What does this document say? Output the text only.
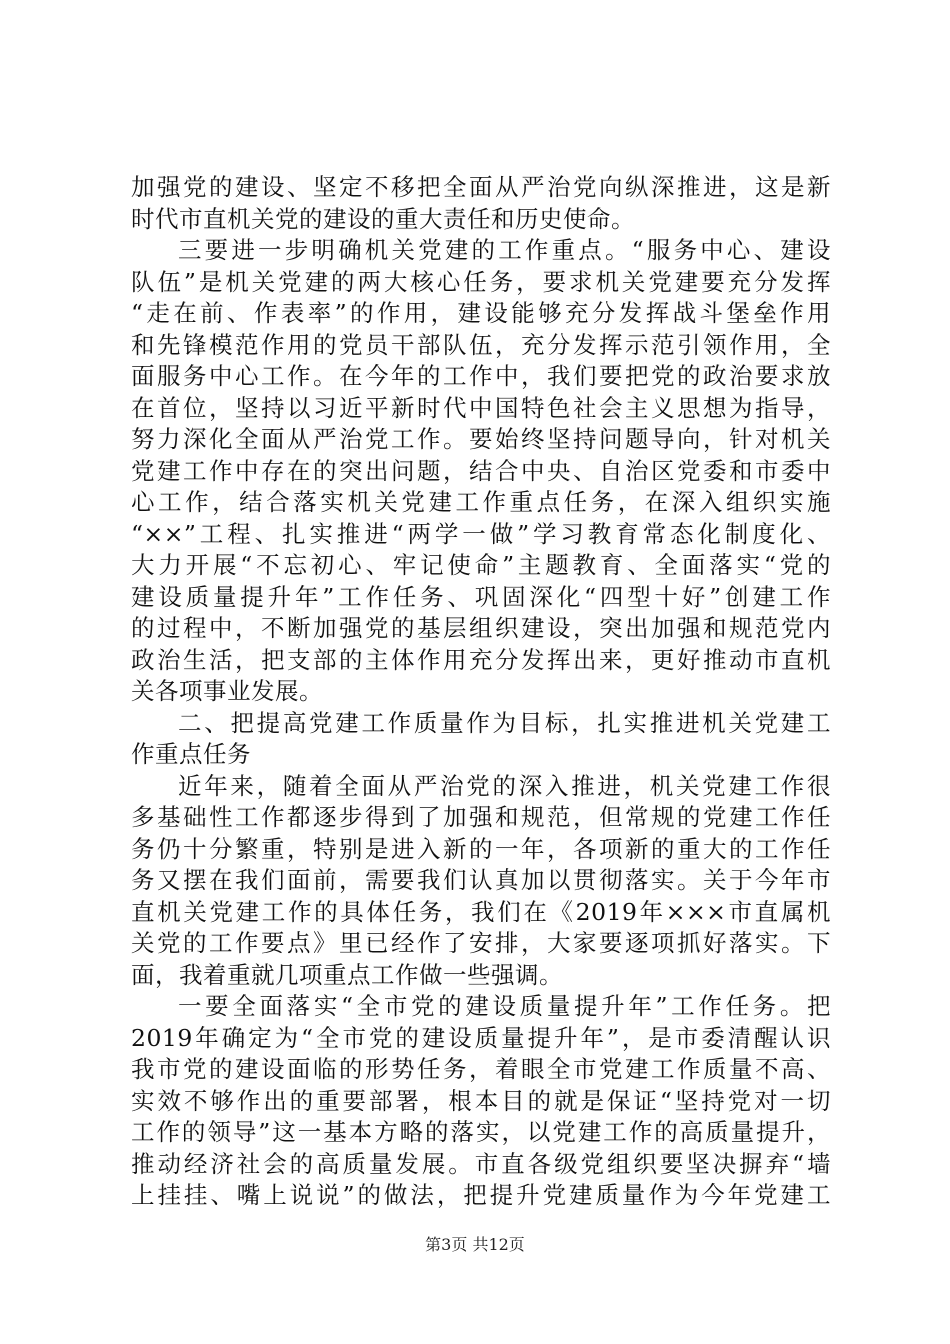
加强党的建设、坚定不移把全面从严治党向纵深推进，这是新
时代市直机关党的建设的重大责任和历史使命。
三要进一步明确机关党建的工作重点。“服务中心、建设
队伍”是机关党建的两大核心任务，要求机关党建要充分发挥
“走在前、作表率”的作用，建设能够充分发挥战斗堡垒作用
和先锋模范作用的党员干部队伍，充分发挥示范引领作用，全
面服务中心工作。在今年的工作中，我们要把党的政治要求放
在首位，坚持以习近平新时代中国特色社会主义思想为指导，
努力深化全面从严治党工作。要始终坚持问题导向，针对机关
党建工作中存在的突出问题，结合中央、自治区党委和市委中
心工作，结合落实机关党建工作重点任务，在深入组织实施
“××”工程、扎实推进“两学一做”学习教育常态化制度化、
大力开展“不忘初心、牢记使命”主题教育、全面落实“党的
建设质量提升年”工作任务、巩固深化“四型十好”创建工作
的过程中，不断加强党的基层组织建设，突出加强和规范党内
政治生活，把支部的主体作用充分发挥出来，更好推动市直机
关各项事业发展。
二、把提高党建工作质量作为目标，扎实推进机关党建工
作重点任务
近年来，随着全面从严治党的深入推进，机关党建工作很
多基础性工作都逐步得到了加强和规范，但常规的党建工作任
务仍十分繁重，特别是进入新的一年，各项新的重大的工作任
务又摆在我们面前，需要我们认真加以贯彻落实。关于今年市
直机关党建工作的具体任务，我们在《2019年×××市直属机
关党的工作要点》里已经作了安排，大家要逐项抓好落实。下
面，我着重就几项重点工作做一些强调。
一要全面落实“全市党的建设质量提升年”工作任务。把
2019年确定为“全市党的建设质量提升年”，是市委清醒认识
我市党的建设面临的形势任务，着眼全市党建工作质量不高、
实效不够作出的重要部署，根本目的就是保证“坚持党对一切
工作的领导”这一基本方略的落实，以党建工作的高质量提升，
推动经济社会的高质量发展。市直各级党组织要坚决摒弃“墙
上挂挂、嘴上说说”的做法，把提升党建质量作为今年党建工
第3页 共12页
